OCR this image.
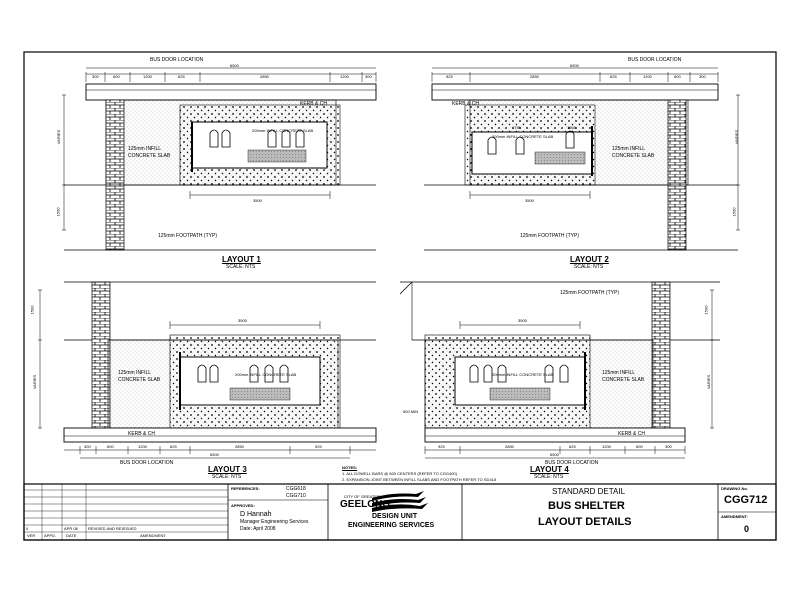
BUS DOOR LOCATION
6500
300	600	1200	625	2850	1200	300
KERB & CH
200mm INFILL CONCRETE SLAB
125mm INFILL CONCRETE SLAB
VARIES
1500
3500
125mm FOOTPATH (TYP)
LAYOUT 1
SCALE: NTS
BUS DOOR LOCATION
6500
925	2850	625	1200	600	300
KERB & CH
1750	1565
200mm INFILL CONCRETE SLAB
125mm INFILL CONCRETE SLAB
VARIES
1500
3500
125mm FOOTPATH (TYP)
LAYOUT 2
SCALE: NTS
1500
VARIES
3500
125mm INFILL CONCRETE SLAB
200mm INFILL CONCRETE SLAB
KERB & CH
300	600	1200	625	2850	925
6500
BUS DOOR LOCATION
LAYOUT 3
SCALE: NTS
125mm FOOTPATH (TYP)
3500
500 MIN
200mm INFILL CONCRETE SLAB	125mm INFILL CONCRETE SLAB
1500
VARIES
KERB & CH
925	2850	625	1200	600	300
6500
BUS DOOR LOCATION
LAYOUT 4
SCALE: NTS
NOTES:
1. ALL DOWELL BARS @ 600 CENTERS (REFER TO CGG400)
2. EXPANSION JOINT BETWEEN INFILL SLABS AND FOOTPATH REFER TO SD418
0	APR 08	REVISED AND REISSUED
VER APPD. DATE	AMENDMENT
REFERENCES:	CGG618
CGG710
APPROVED:
D Hannah
Manager Engineering Services
Date: April 2008
CITY OF GREATER
GEELONG
DESIGN UNIT
ENGINEERING SERVICES
STANDARD DETAIL
BUS SHELTER
LAYOUT DETAILS
DRAWING No.
CGG712
AMENDMENT:
0
